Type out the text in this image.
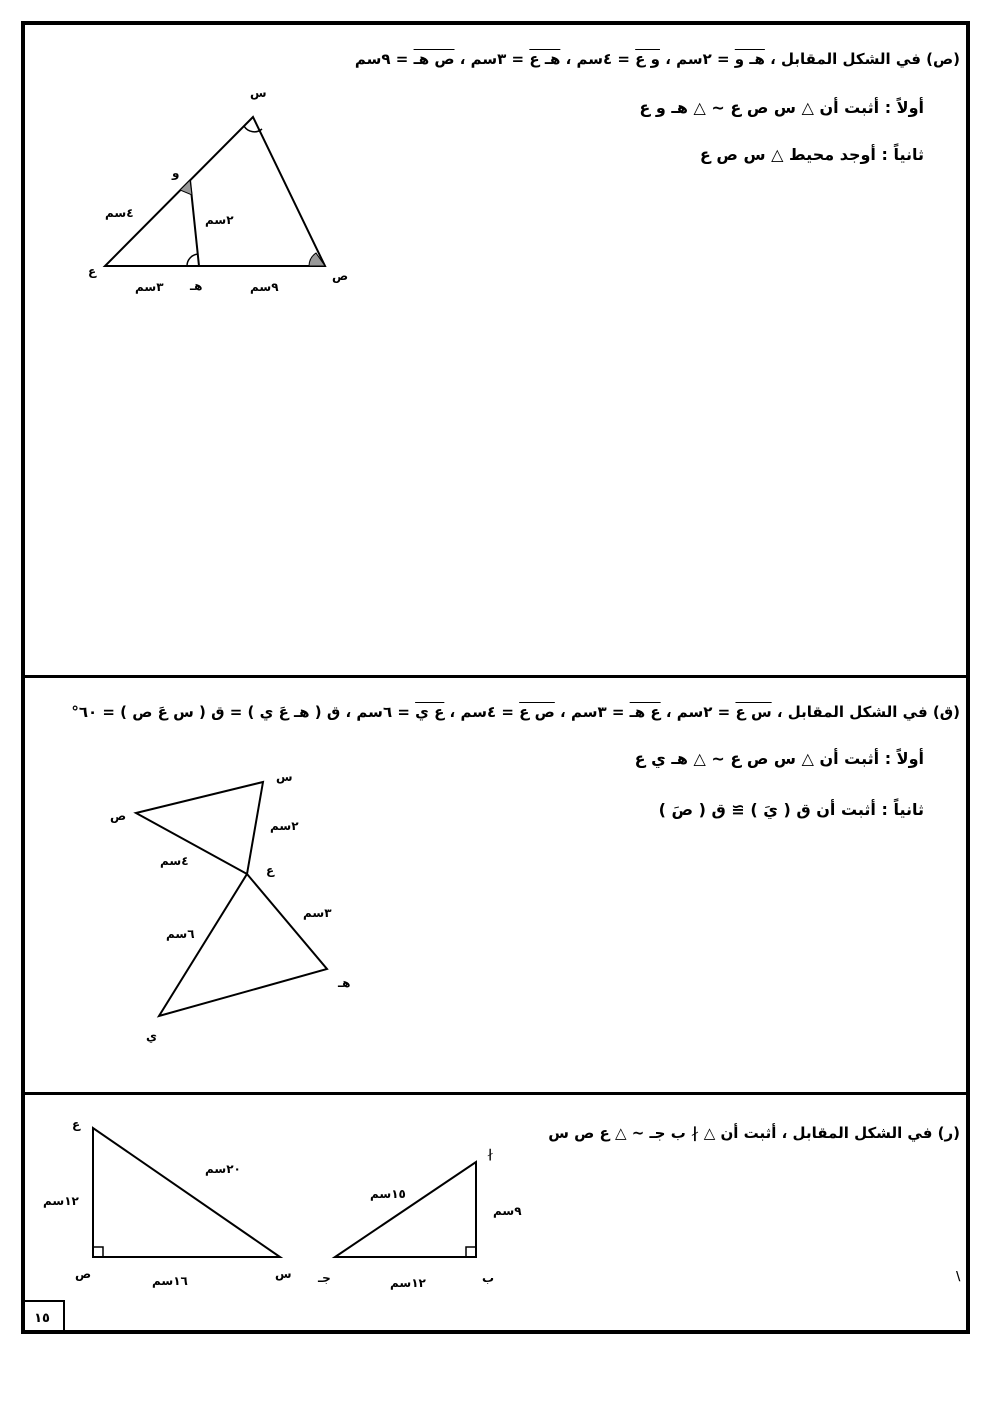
(ص) في الشكل المقابل ، هـ و = ٢سم ، و ع = ٤سم ، هـ ع = ٣سم ، ص هـ = ٩سم
أولاً : أثبت أن △ س ص ع ~ △ هـ و ع
ثانياً : أوجد محيط △ س ص ع
س
و
ع
هـ
ص
٤سم	٢سم
٣سم	٩سم
س
ص
ع
هـ
ي
٢سم
٤سم
٣سم
٦سم
ع
ص	س
١٢سم
٢٠سم
١٦سم
∤
ب
جـ
١٥سم
٩سم
١٢سم	\
(ق) في الشكل المقابل ، س ع = ٢سم ، ع هـ = ٣سم ، ص ع = ٤سم ، ع ي = ٦سم ، ق ( هـ عَ ي ) = ق ( س عَ ص ) = ٦٠°
أولاً : أثبت أن △ س ص ع ~ △ هـ ي ع
ثانياً : أثبت أن ق ( يَ ) ≅ ق ( صَ )
(ر) في الشكل المقابل ، أثبت أن △ ∤ ب جـ ~ △ ع ص س
١٥
